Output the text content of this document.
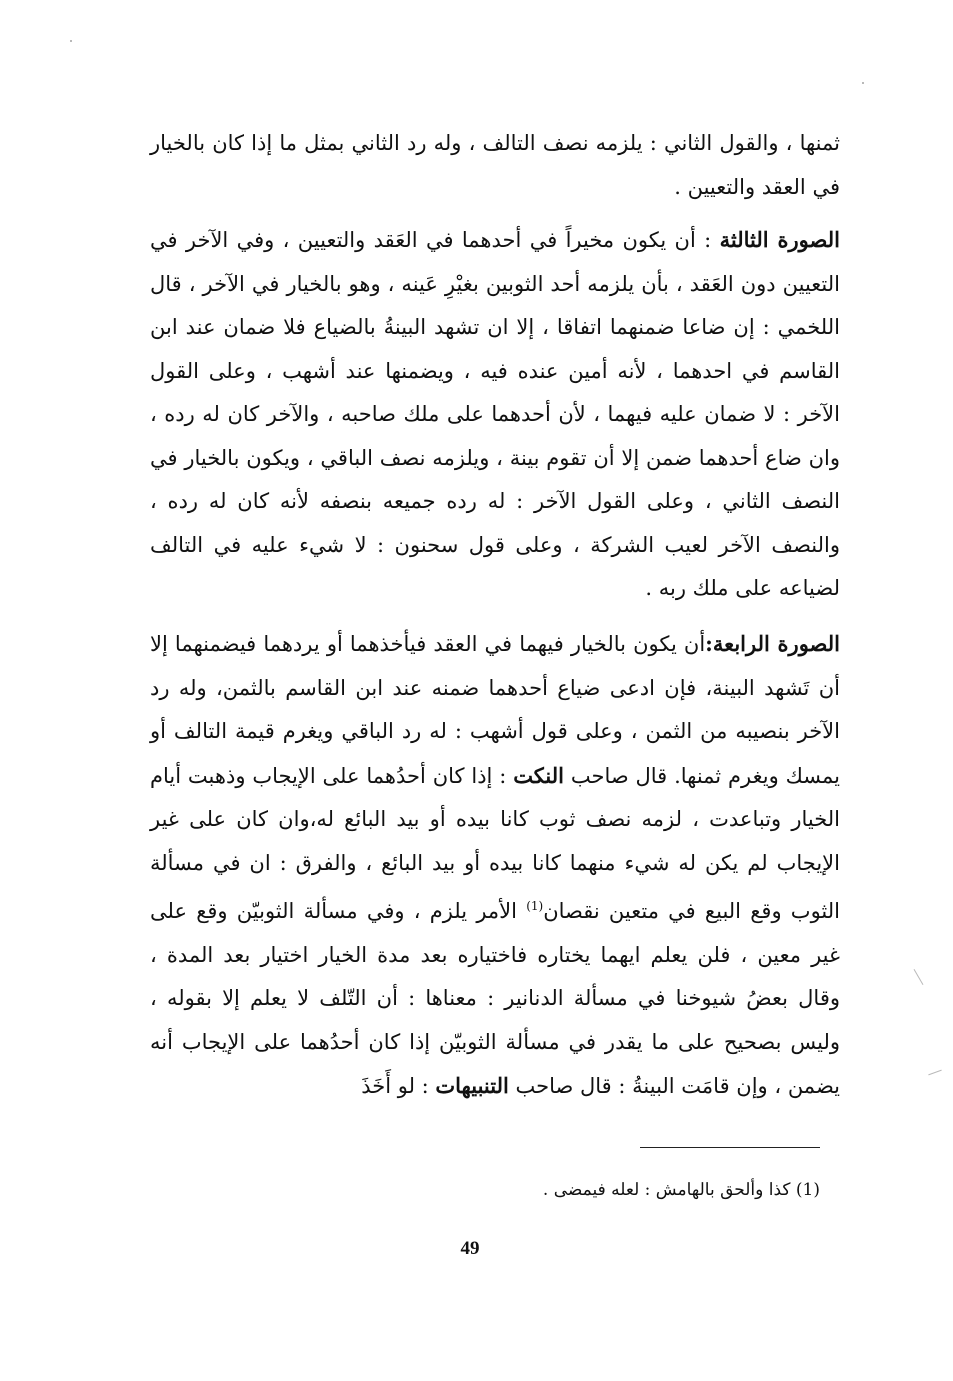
ثمنها ، والقول الثاني : يلزمه نصف التالف ، وله رد الثاني بمثل ما إذا كان بالخيار في العقد والتعيين .

الصورة الثالثة : أن يكون مخيراً في أحدهما في العَقد والتعيين ، وفي الآخر في التعيين دون العَقد ، بأن يلزمه أحد الثوبين بغيْرِ عَينه ، وهو بالخيار في الآخر ، قال اللخمي : إن ضاعا ضمنهما اتفاقا ، إلا ان تشهد البينةُ بالضياع فلا ضمان عند ابن القاسم في احدهما ، لأنه أمين عنده فيه ، ويضمنها عند أشهب ، وعلى القول الآخر : لا ضمان عليه فيهما ، لأن أحدهما على ملك صاحبه ، والآخر كان له رده ، وان ضاع أحدهما ضمن إلا أن تقوم بينة ، ويلزمه نصف الباقي ، ويكون بالخيار في النصف الثاني ، وعلى القول الآخر : له رده جميعه بنصفه لأنه كان له رده ، والنصف الآخر لعيب الشركة ، وعلى قول سحنون : لا شيء عليه في التالف لضياعه على ملك ربه .

الصورة الرابعة:أن يكون بالخيار فيهما في العقد فيأخذهما أو يردهما فيضمنهما إلا أن تَشهد البينة، فإن ادعى ضياع أحدهما ضمنه عند ابن القاسم بالثمن، وله رد الآخر بنصيبه من الثمن ، وعلى قول أشهب : له رد الباقي ويغرم قيمة التالف أو يمسك ويغرم ثمنها. قال صاحب النكت : إذا كان أحدُهما على الإيجاب وذهبت أيام الخيار وتباعدت ، لزمه نصف ثوب كانا بيده أو بيد البائع له،وان كان على غير الإيجاب لم يكن له شيء منهما كانا بيده أو بيد البائع ، والفرق : ان في مسألة الثوب وقع البيع في متعين نقصان$^{(1)}$ الأمر يلزم ، وفي مسألة الثوبيّن وقع على غير معين ، فلن يعلم ايهما يختاره فاختياره بعد مدة الخيار اختيار بعد المدة ، وقال بعضُ شيوخنا في مسألة الدنانير : معناها : أن التّلف لا يعلم إلا بقوله ، وليس بصحيح على ما يقدر في مسألة الثوبيّن إذا كان أحدُهما على الإيجاب أنه يضمن ، وإن قامَت البينةُ : قال صاحب التنبيهات : لو أَخَذَ

(1) كذا وألحق بالهامش : لعله فيمضى .
49
